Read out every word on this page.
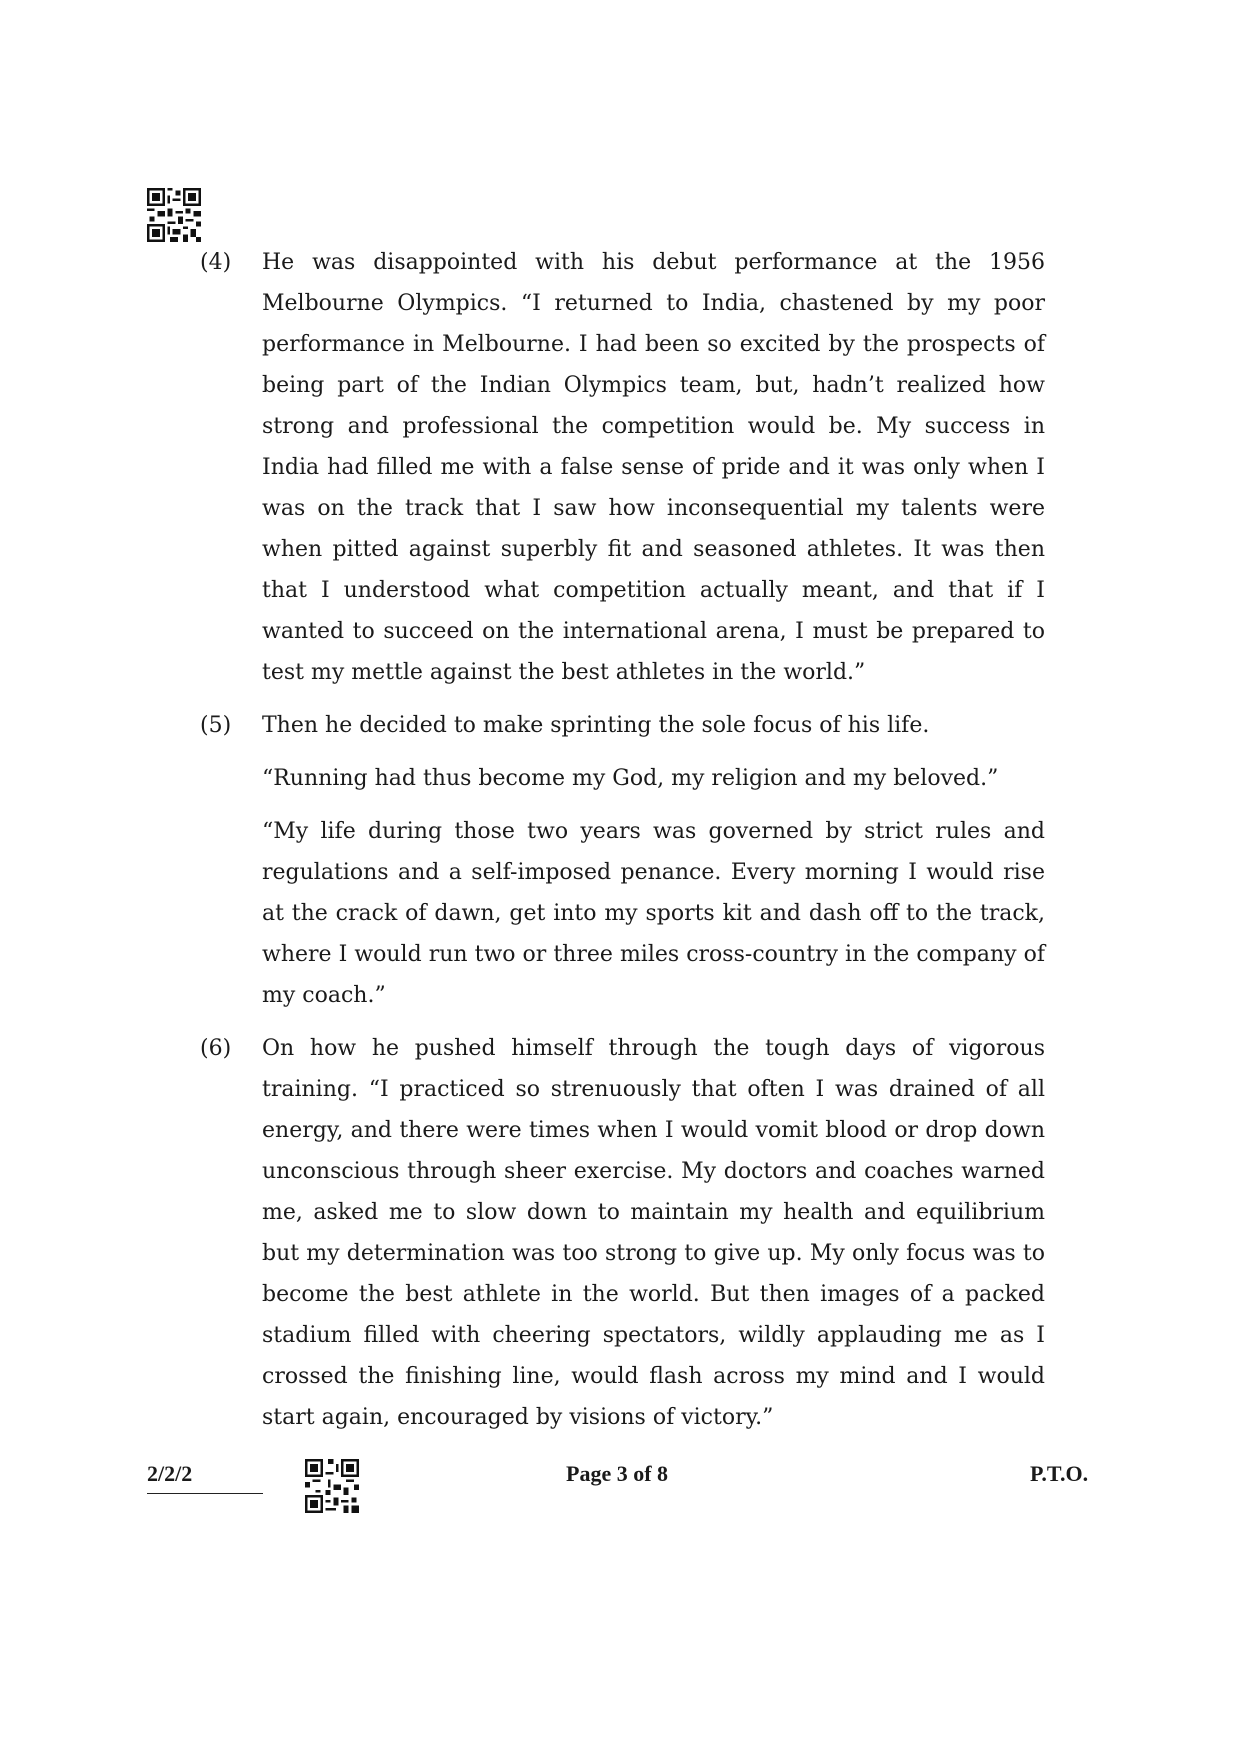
(4)	He was disappointed with his debut performance at the 1956 Melbourne Olympics. “I returned to India, chastened by my poor performance in Melbourne. I had been so excited by the prospects of being part of the Indian Olympics team, but, hadn’t realized how strong and professional the competition would be. My success in India had filled me with a false sense of pride and it was only when I was on the track that I saw how inconsequential my talents were when pitted against superbly fit and seasoned athletes. It was then that I understood what competition actually meant, and that if I wanted to succeed on the international arena, I must be prepared to test my mettle against the best athletes in the world.”

(5)	Then he decided to make sprinting the sole focus of his life.

“Running had thus become my God, my religion and my beloved.”

“My life during those two years was governed by strict rules and regulations and a self-imposed penance. Every morning I would rise at the crack of dawn, get into my sports kit and dash off to the track, where I would run two or three miles cross-country in the company of my coach.”

(6)	On how he pushed himself through the tough days of vigorous training. “I practiced so strenuously that often I was drained of all energy, and there were times when I would vomit blood or drop down unconscious through sheer exercise. My doctors and coaches warned me, asked me to slow down to maintain my health and equilibrium but my determination was too strong to give up. My only focus was to become the best athlete in the world. But then images of a packed stadium filled with cheering spectators, wildly applauding me as I crossed the finishing line, would flash across my mind and I would start again, encouraged by visions of victory.”

2/2/2	Page 3 of 8	P.T.O.
